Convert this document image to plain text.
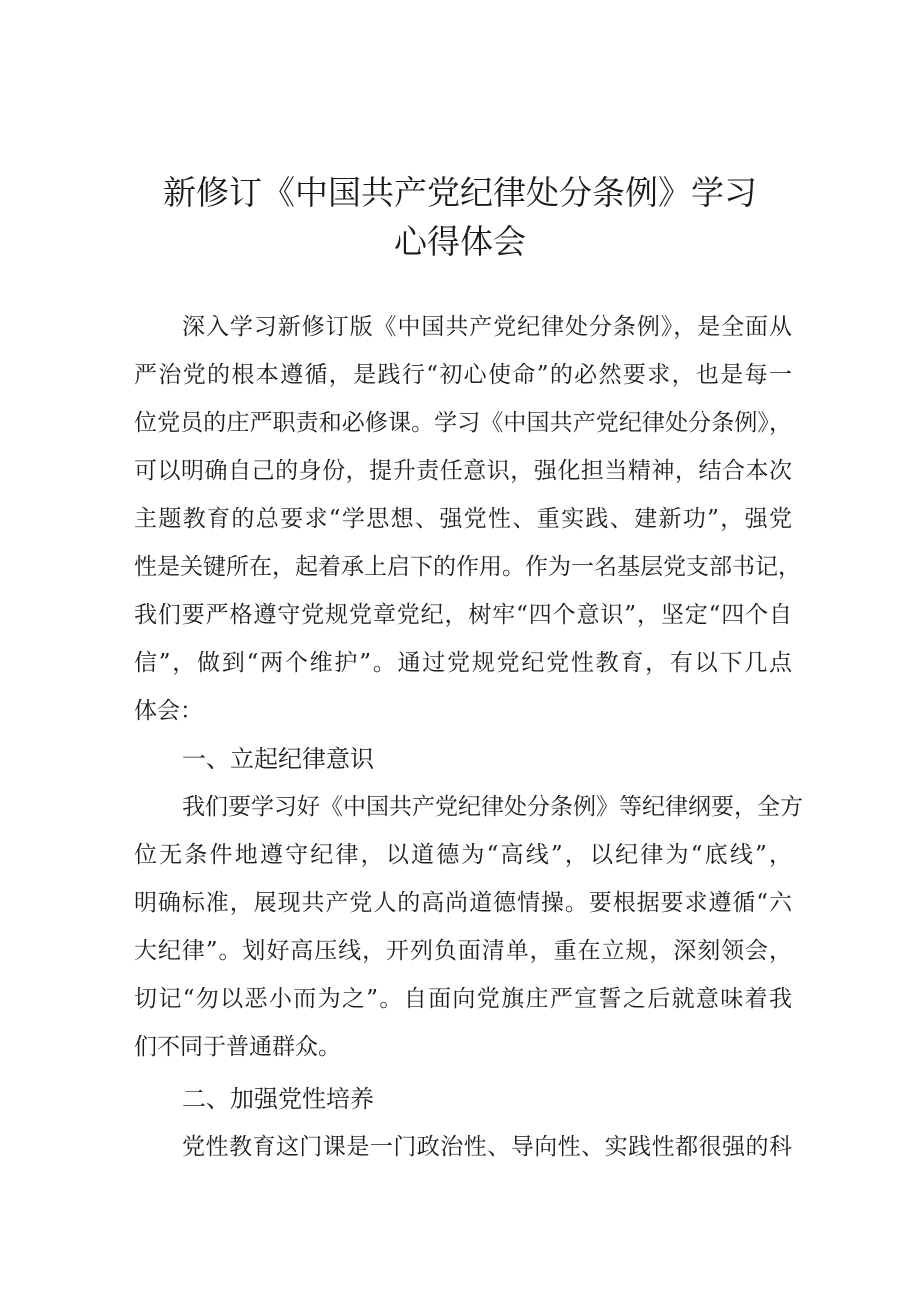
新修订《中国共产党纪律处分条例》学习
心得体会
深入学习新修订版《中国共产党纪律处分条例》，是全面从
严治党的根本遵循，是践行“初心使命”的必然要求，也是每一
位党员的庄严职责和必修课。学习《中国共产党纪律处分条例》，
可以明确自己的身份，提升责任意识，强化担当精神，结合本次
主题教育的总要求“学思想、强党性、重实践、建新功”，强党
性是关键所在，起着承上启下的作用。作为一名基层党支部书记，
我们要严格遵守党规党章党纪，树牢“四个意识”，坚定“四个自
信”，做到“两个维护”。通过党规党纪党性教育，有以下几点
体会：
一、立起纪律意识
我们要学习好《中国共产党纪律处分条例》等纪律纲要，全方
位无条件地遵守纪律，以道德为“高线”，以纪律为“底线”，
明确标准，展现共产党人的高尚道德情操。要根据要求遵循“六
大纪律”。划好高压线，开列负面清单，重在立规，深刻领会，
切记“勿以恶小而为之”。自面向党旗庄严宣誓之后就意味着我
们不同于普通群众。
二、加强党性培养
党性教育这门课是一门政治性、导向性、实践性都很强的科
